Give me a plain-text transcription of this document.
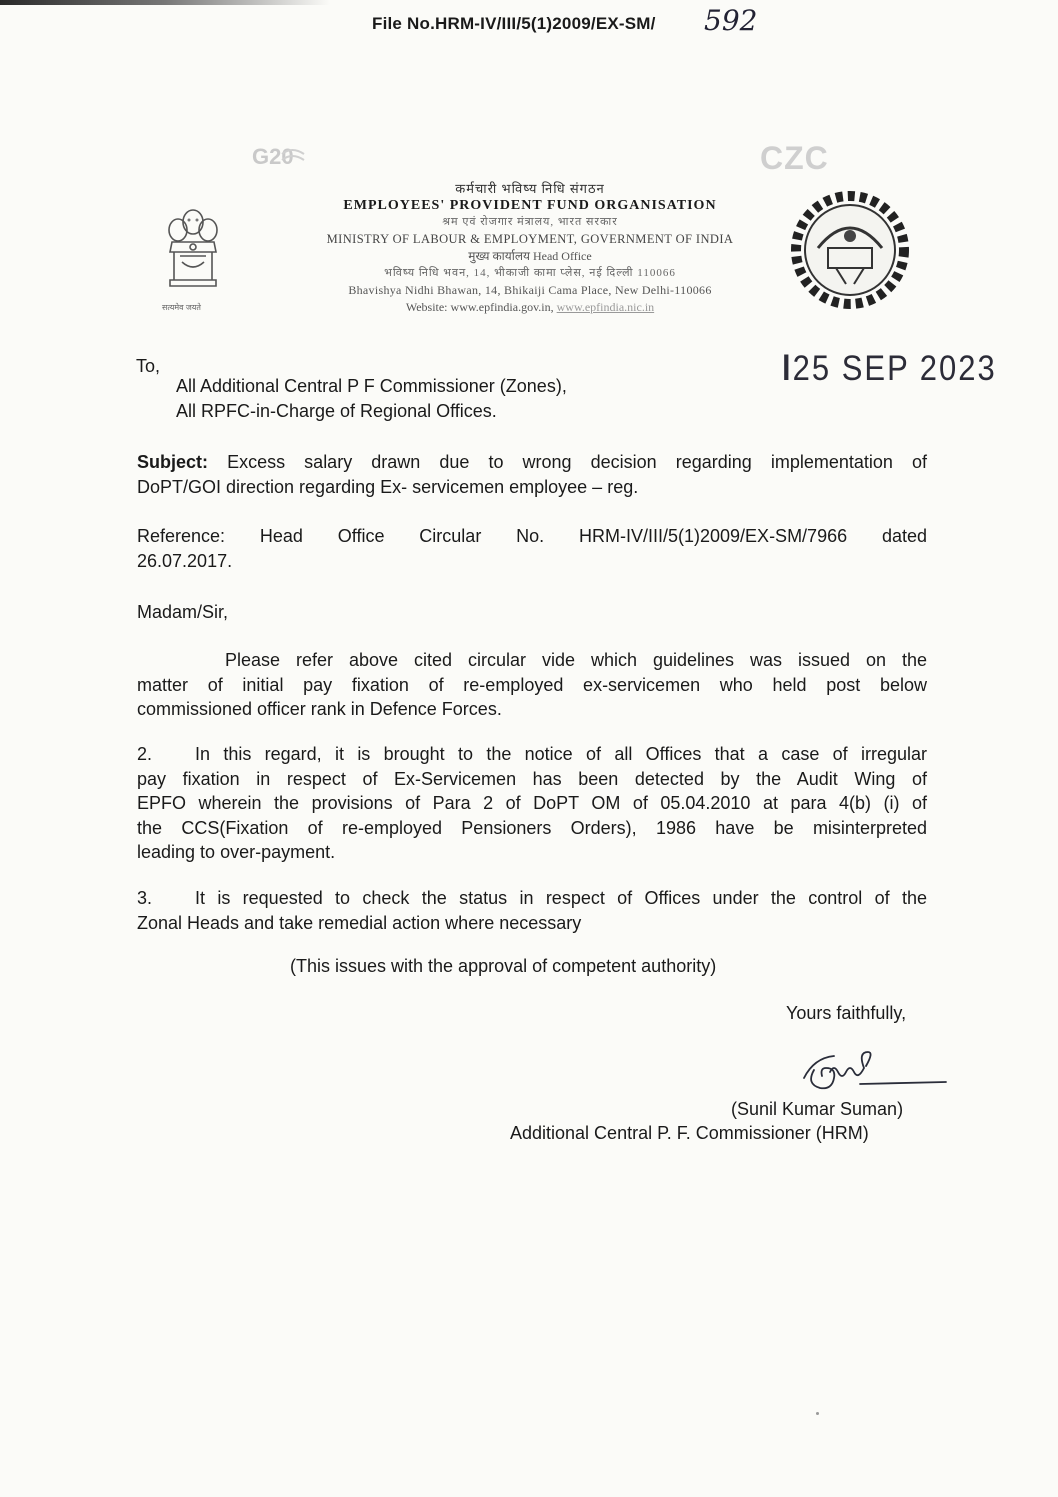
File No.HRM-IV/III/5(1)2009/EX-SM/ 592
G20	CZC
सत्यमेव जयते
कर्मचारी भविष्य निधि संगठन
EMPLOYEES' PROVIDENT FUND ORGANISATION
श्रम एवं रोजगार मंत्रालय, भारत सरकार
MINISTRY OF LABOUR & EMPLOYMENT, GOVERNMENT OF INDIA
मुख्य कार्यालय Head Office
भविष्य निधि भवन, 14, भीकाजी कामा प्लेस, नई दिल्ली 110066
Bhavishya Nidhi Bhawan, 14, Bhikaiji Cama Place, New Delhi-110066
Website: www.epfindia.gov.in, www.epfindia.nic.in
To,	l25 SEP 2023
All Additional Central P F Commissioner (Zones),
All RPFC-in-Charge of Regional Offices.
Subject: Excess salary drawn due to wrong decision regarding implementation of
DoPT/GOI direction regarding Ex- servicemen employee – reg.
Reference: Head Office Circular No. HRM-IV/III/5(1)2009/EX-SM/7966 dated
26.07.2017.
Madam/Sir,
Please refer above cited circular vide which guidelines was issued on the
matter of initial pay fixation of re-employed ex-servicemen who held post below
commissioned officer rank in Defence Forces.
2. In this regard, it is brought to the notice of all Offices that a case of irregular
pay fixation in respect of Ex-Servicemen has been detected by the Audit Wing of
EPFO wherein the provisions of Para 2 of DoPT OM of 05.04.2010 at para 4(b) (i) of
the CCS(Fixation of re-employed Pensioners Orders), 1986 have be misinterpreted
leading to over-payment.
3. It is requested to check the status in respect of Offices under the control of the
Zonal Heads and take remedial action where necessary
(This issues with the approval of competent authority)
Yours faithfully,
(Sunil Kumar Suman)
Additional Central P. F. Commissioner (HRM)
